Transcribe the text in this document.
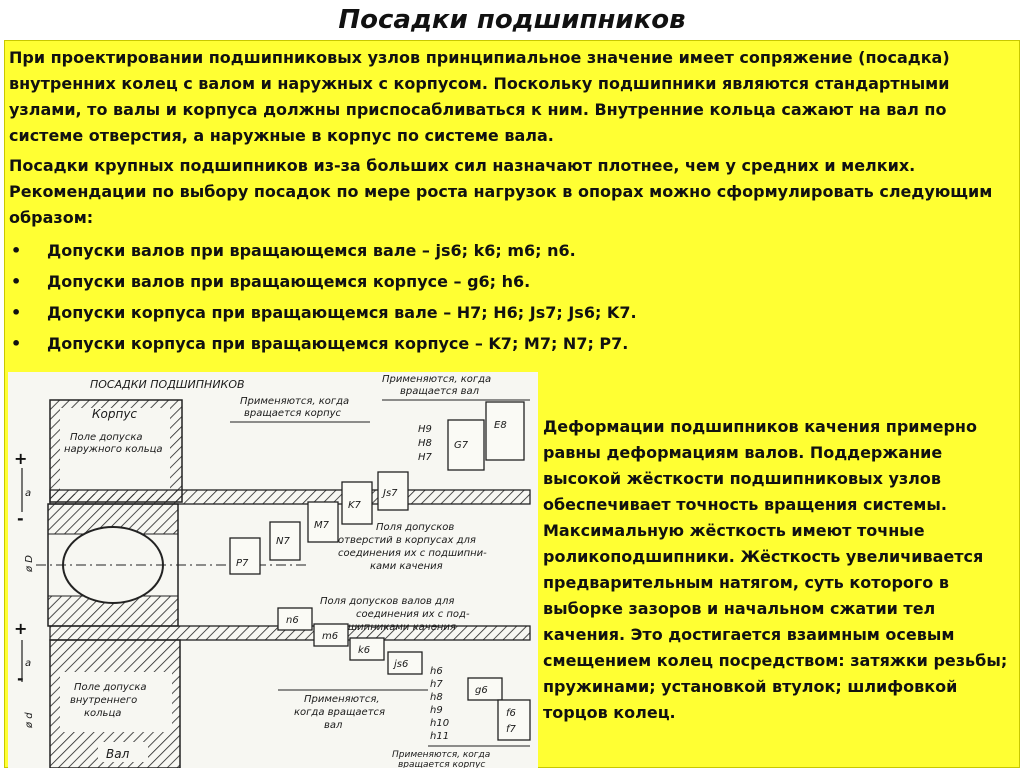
Посадки подшипников

При проектировании подшипниковых узлов принципиальное значение имеет сопряжение (посадка) внутренних колец с валом и наружных с корпусом. Поскольку подшипники являются стандартными узлами, то валы и корпуса должны приспосабливаться к ним. Внутренние кольца сажают на вал по системе отверстия, а наружные в корпус по системе вала.

Посадки крупных подшипников из-за больших сил назначают плотнее, чем у средних и мелких. Рекомендации по выбору посадок по мере роста нагрузок в опорах можно сформулировать следующим образом:

• Допуски валов при вращающемся вале – js6; k6; m6; n6.
• Допуски валов при вращающемся корпусе – g6; h6.
• Допуски корпуса при вращающемся вале – H7; H6; Js7; Js6; K7.
• Допуски корпуса при вращающемся корпусе – K7; M7; N7; P7.
ПОСАДКИ ПОДШИПНИКОВ
Корпус
Поле допуска
наружного кольца
Поле допуска
внутреннего
кольца
Вал
+
-
a
ø D
+
-
a
ø d
Применяются, когда
вращается корпус
Применяются, когда
вращается вал
P7
N7
M7
K7
Js7
G7
E8
H9
H8
H7
Поля допусков
отверстий в корпусах для
соединения их с подшипни-
ками качения
Поля допусков валов для
соединения их с под-
шипниками качения
n6
m6
k6
js6
g6
f6
f7
h6
h7
h8
h9
h10
h11
Применяются,
когда вращается
вал
Применяются, когда
вращается корпус
Деформации подшипников качения примерно равны деформациям валов. Поддержание высокой жёсткости подшипниковых узлов обеспечивает точность вращения системы. Максимальную жёсткость имеют точные роликоподшипники. Жёсткость увеличивается предварительным натягом, суть которого в выборке зазоров и начальном сжатии тел качения. Это достигается взаимным осевым смещением колец посредством: затяжки резьбы; пружинами; установкой втулок; шлифовкой торцов колец.
